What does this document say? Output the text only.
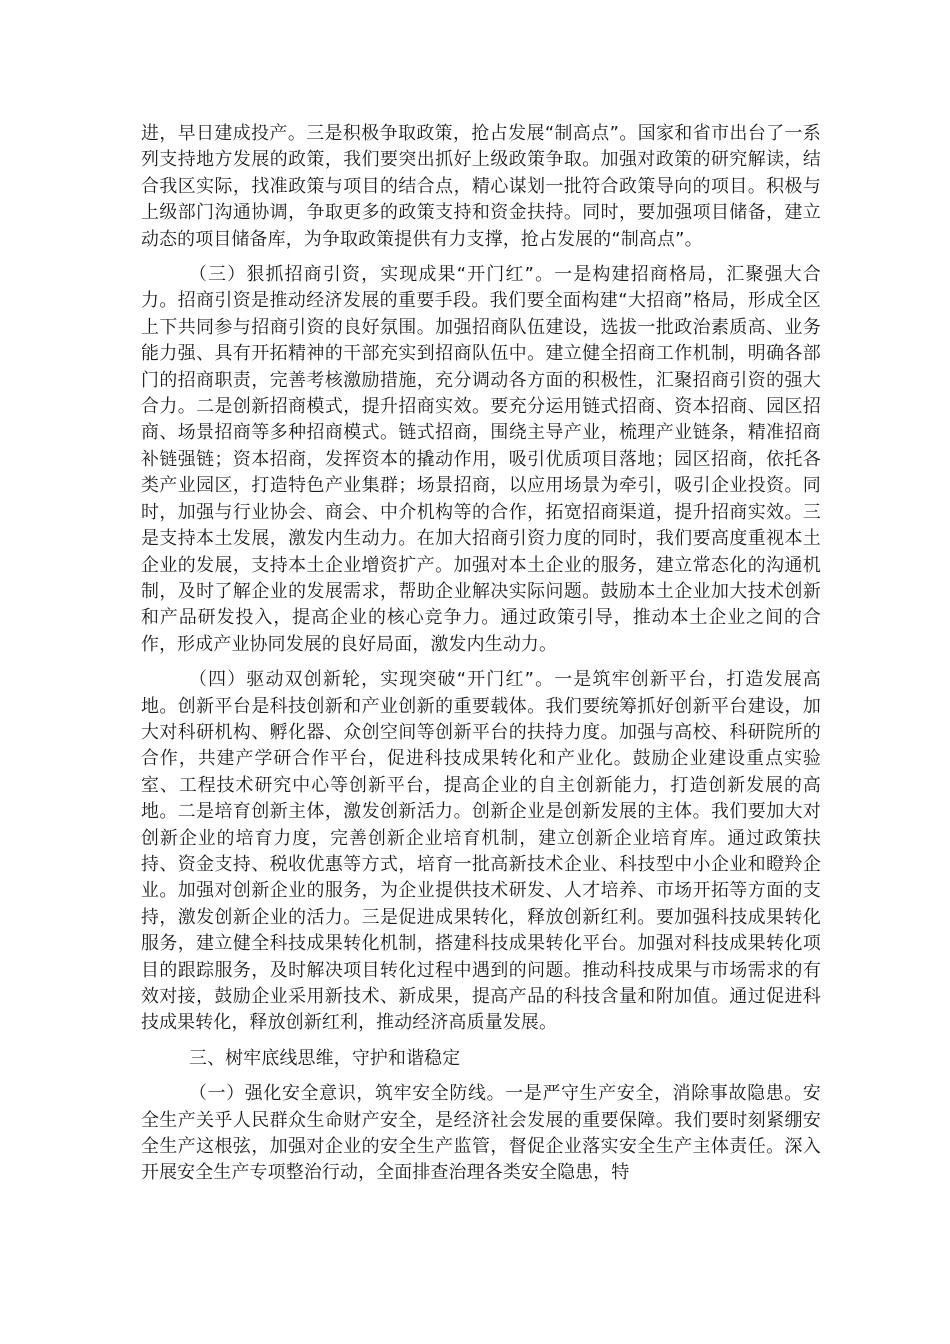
进，早日建成投产。三是积极争取政策，抢占发展“制高点”。国家和省市出台了一系列支持地方发展的政策，我们要突出抓好上级政策争取。加强对政策的研究解读，结合我区实际，找准政策与项目的结合点，精心谋划一批符合政策导向的项目。积极与上级部门沟通协调，争取更多的政策支持和资金扶持。同时，要加强项目储备，建立动态的项目储备库，为争取政策提供有力支撑，抢占发展的“制高点”。

（三）狠抓招商引资，实现成果“开门红”。一是构建招商格局，汇聚强大合力。招商引资是推动经济发展的重要手段。我们要全面构建“大招商”格局，形成全区上下共同参与招商引资的良好氛围。加强招商队伍建设，选拔一批政治素质高、业务能力强、具有开拓精神的干部充实到招商队伍中。建立健全招商工作机制，明确各部门的招商职责，完善考核激励措施，充分调动各方面的积极性，汇聚招商引资的强大合力。二是创新招商模式，提升招商实效。要充分运用链式招商、资本招商、园区招商、场景招商等多种招商模式。链式招商，围绕主导产业，梳理产业链条，精准招商补链强链；资本招商，发挥资本的撬动作用，吸引优质项目落地；园区招商，依托各类产业园区，打造特色产业集群；场景招商，以应用场景为牵引，吸引企业投资。同时，加强与行业协会、商会、中介机构等的合作，拓宽招商渠道，提升招商实效。三是支持本土发展，激发内生动力。在加大招商引资力度的同时，我们要高度重视本土企业的发展，支持本土企业增资扩产。加强对本土企业的服务，建立常态化的沟通机制，及时了解企业的发展需求，帮助企业解决实际问题。鼓励本土企业加大技术创新和产品研发投入，提高企业的核心竞争力。通过政策引导，推动本土企业之间的合作，形成产业协同发展的良好局面，激发内生动力。

（四）驱动双创新轮，实现突破“开门红”。一是筑牢创新平台，打造发展高地。创新平台是科技创新和产业创新的重要载体。我们要统筹抓好创新平台建设，加大对科研机构、孵化器、众创空间等创新平台的扶持力度。加强与高校、科研院所的合作，共建产学研合作平台，促进科技成果转化和产业化。鼓励企业建设重点实验室、工程技术研究中心等创新平台，提高企业的自主创新能力，打造创新发展的高地。二是培育创新主体，激发创新活力。创新企业是创新发展的主体。我们要加大对创新企业的培育力度，完善创新企业培育机制，建立创新企业培育库。通过政策扶持、资金支持、税收优惠等方式，培育一批高新技术企业、科技型中小企业和瞪羚企业。加强对创新企业的服务，为企业提供技术研发、人才培养、市场开拓等方面的支持，激发创新企业的活力。三是促进成果转化，释放创新红利。要加强科技成果转化服务，建立健全科技成果转化机制，搭建科技成果转化平台。加强对科技成果转化项目的跟踪服务，及时解决项目转化过程中遇到的问题。推动科技成果与市场需求的有效对接，鼓励企业采用新技术、新成果，提高产品的科技含量和附加值。通过促进科技成果转化，释放创新红利，推动经济高质量发展。

三、树牢底线思维，守护和谐稳定

（一）强化安全意识，筑牢安全防线。一是严守生产安全，消除事故隐患。安全生产关乎人民群众生命财产安全，是经济社会发展的重要保障。我们要时刻紧绷安全生产这根弦，加强对企业的安全生产监管，督促企业落实安全生产主体责任。深入开展安全生产专项整治行动，全面排查治理各类安全隐患，特
